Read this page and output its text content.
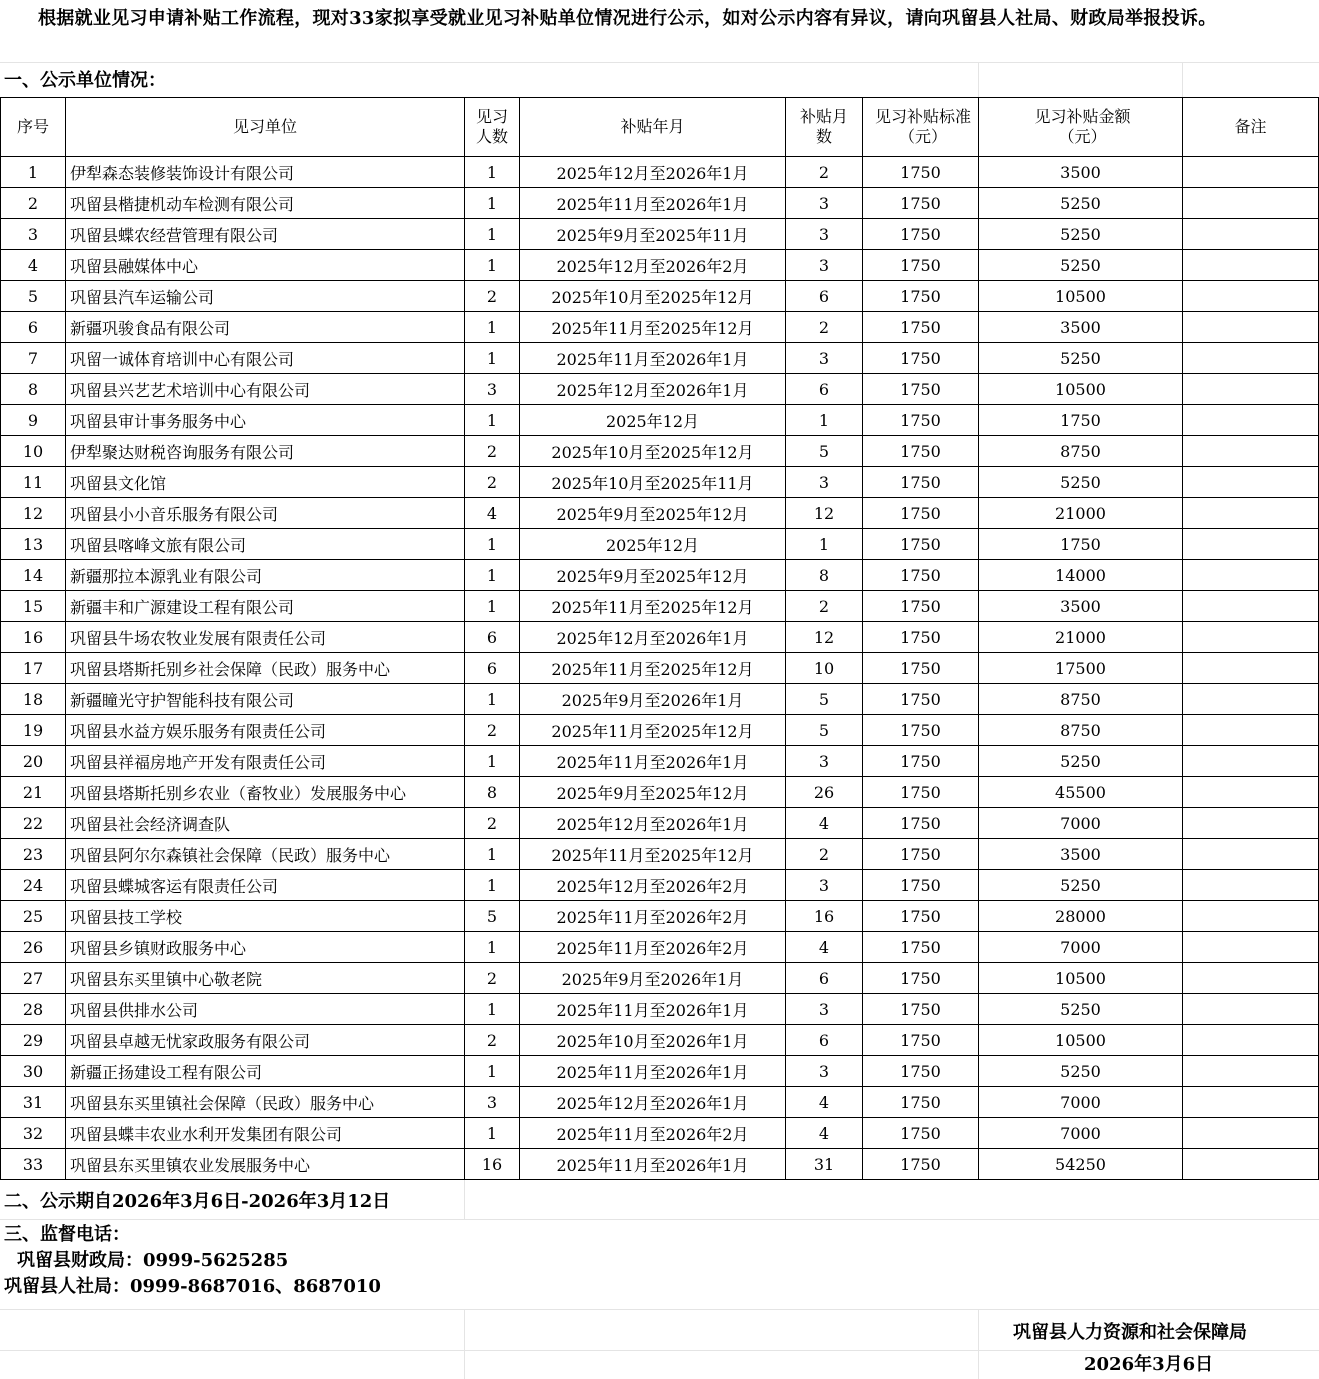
根据就业见习申请补贴工作流程，现对33家拟享受就业见习补贴单位情况进行公示，如对公示内容有异议，请向巩留县人社局、财政局举报投诉。
一、公示单位情况：
序号	见习单位	见习人数	补贴年月	补贴月数	见习补贴标准（元）	见习补贴金额（元）	备注
1	伊犁森态装修装饰设计有限公司	1	2025年12月至2026年1月	2	1750	3500	
2	巩留县楷捷机动车检测有限公司	1	2025年11月至2026年1月	3	1750	5250	
3	巩留县蝶农经营管理有限公司	1	2025年9月至2025年11月	3	1750	5250	
4	巩留县融媒体中心	1	2025年12月至2026年2月	3	1750	5250	
5	巩留县汽车运输公司	2	2025年10月至2025年12月	6	1750	10500	
6	新疆巩骏食品有限公司	1	2025年11月至2025年12月	2	1750	3500	
7	巩留一诚体育培训中心有限公司	1	2025年11月至2026年1月	3	1750	5250	
8	巩留县兴艺艺术培训中心有限公司	3	2025年12月至2026年1月	6	1750	10500	
9	巩留县审计事务服务中心	1	2025年12月	1	1750	1750	
10	伊犁聚达财税咨询服务有限公司	2	2025年10月至2025年12月	5	1750	8750	
11	巩留县文化馆	2	2025年10月至2025年11月	3	1750	5250	
12	巩留县小小音乐服务有限公司	4	2025年9月至2025年12月	12	1750	21000	
13	巩留县喀峰文旅有限公司	1	2025年12月	1	1750	1750	
14	新疆那拉本源乳业有限公司	1	2025年9月至2025年12月	8	1750	14000	
15	新疆丰和广源建设工程有限公司	1	2025年11月至2025年12月	2	1750	3500	
16	巩留县牛场农牧业发展有限责任公司	6	2025年12月至2026年1月	12	1750	21000	
17	巩留县塔斯托别乡社会保障（民政）服务中心	6	2025年11月至2025年12月	10	1750	17500	
18	新疆瞳光守护智能科技有限公司	1	2025年9月至2026年1月	5	1750	8750	
19	巩留县水益方娱乐服务有限责任公司	2	2025年11月至2025年12月	5	1750	8750	
20	巩留县祥福房地产开发有限责任公司	1	2025年11月至2026年1月	3	1750	5250	
21	巩留县塔斯托别乡农业（畜牧业）发展服务中心	8	2025年9月至2025年12月	26	1750	45500	
22	巩留县社会经济调查队	2	2025年12月至2026年1月	4	1750	7000	
23	巩留县阿尔尔森镇社会保障（民政）服务中心	1	2025年11月至2025年12月	2	1750	3500	
24	巩留县蝶城客运有限责任公司	1	2025年12月至2026年2月	3	1750	5250	
25	巩留县技工学校	5	2025年11月至2026年2月	16	1750	28000	
26	巩留县乡镇财政服务中心	1	2025年11月至2026年2月	4	1750	7000	
27	巩留县东买里镇中心敬老院	2	2025年9月至2026年1月	6	1750	10500	
28	巩留县供排水公司	1	2025年11月至2026年1月	3	1750	5250	
29	巩留县卓越无忧家政服务有限公司	2	2025年10月至2026年1月	6	1750	10500	
30	新疆正扬建设工程有限公司	1	2025年11月至2026年1月	3	1750	5250	
31	巩留县东买里镇社会保障（民政）服务中心	3	2025年12月至2026年1月	4	1750	7000	
32	巩留县蝶丰农业水利开发集团有限公司	1	2025年11月至2026年2月	4	1750	7000	
33	巩留县东买里镇农业发展服务中心	16	2025年11月至2026年1月	31	1750	54250	
二、公示期自2026年3月6日-2026年3月12日
三、监督电话：
巩留县财政局：0999-5625285
巩留县人社局：0999-8687016、8687010
巩留县人力资源和社会保障局
2026年3月6日
